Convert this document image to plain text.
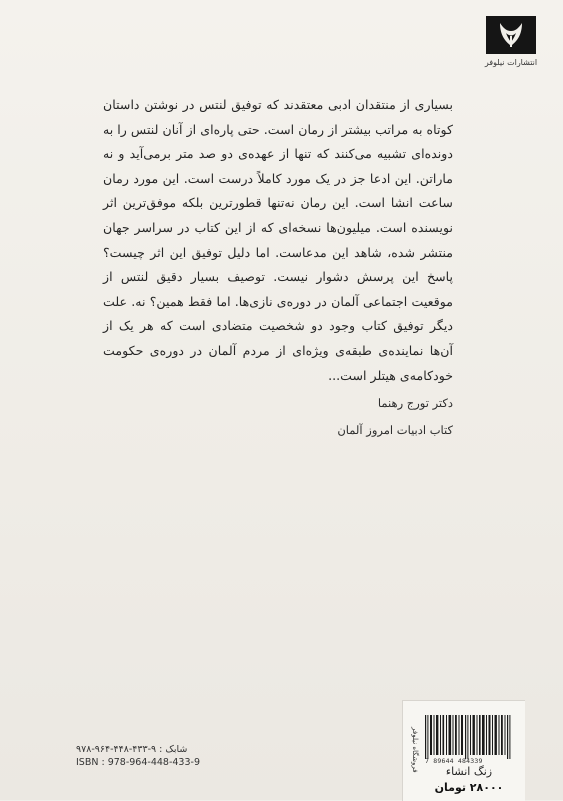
انتشارات نیلوفر

بسیاری از منتقدان ادبی معتقدند که توفیق لنتس در نوشتن داستان کوتاه به مراتب بیشتر از رمان است. حتی پاره‌ای از آنان لنتس را به دونده‌ای تشبیه می‌کنند که تنها از عهده‌ی دو صد متر برمی‌آید و نه ماراتن. این ادعا جز در یک مورد کاملاً درست است. این مورد رمان ساعت انشا است. این رمان نه‌تنها قطورترین بلکه موفق‌ترین اثر نویسنده است. میلیون‌ها نسخه‌ای که از این کتاب در سراسر جهان منتشر شده، شاهد این مدعاست. اما دلیل توفیق این اثر چیست؟ پاسخ این پرسش دشوار نیست. توصیف بسیار دقیق لنتس از موقعیت اجتماعی آلمان در دوره‌ی نازی‌ها. اما فقط همین؟ نه. علت دیگر توفیق کتاب وجود دو شخصیت متضادی است که هر یک از آن‌ها نماینده‌ی طبقه‌ی ویژه‌ای از مردم آلمان در دوره‌ی حکومت خودکامه‌ی هیتلر است...

دکتر تورج رهنما
کتاب ادبیات امروز آلمان
شابک : ۹-۴۳۳-۴۴۸-۹۶۴-۹۷۸
ISBN : 978-964-448-433-9	فروشگاه نیلوفر 7 89644 484339
زنگ انشاء
۲۸۰۰۰ تومان
